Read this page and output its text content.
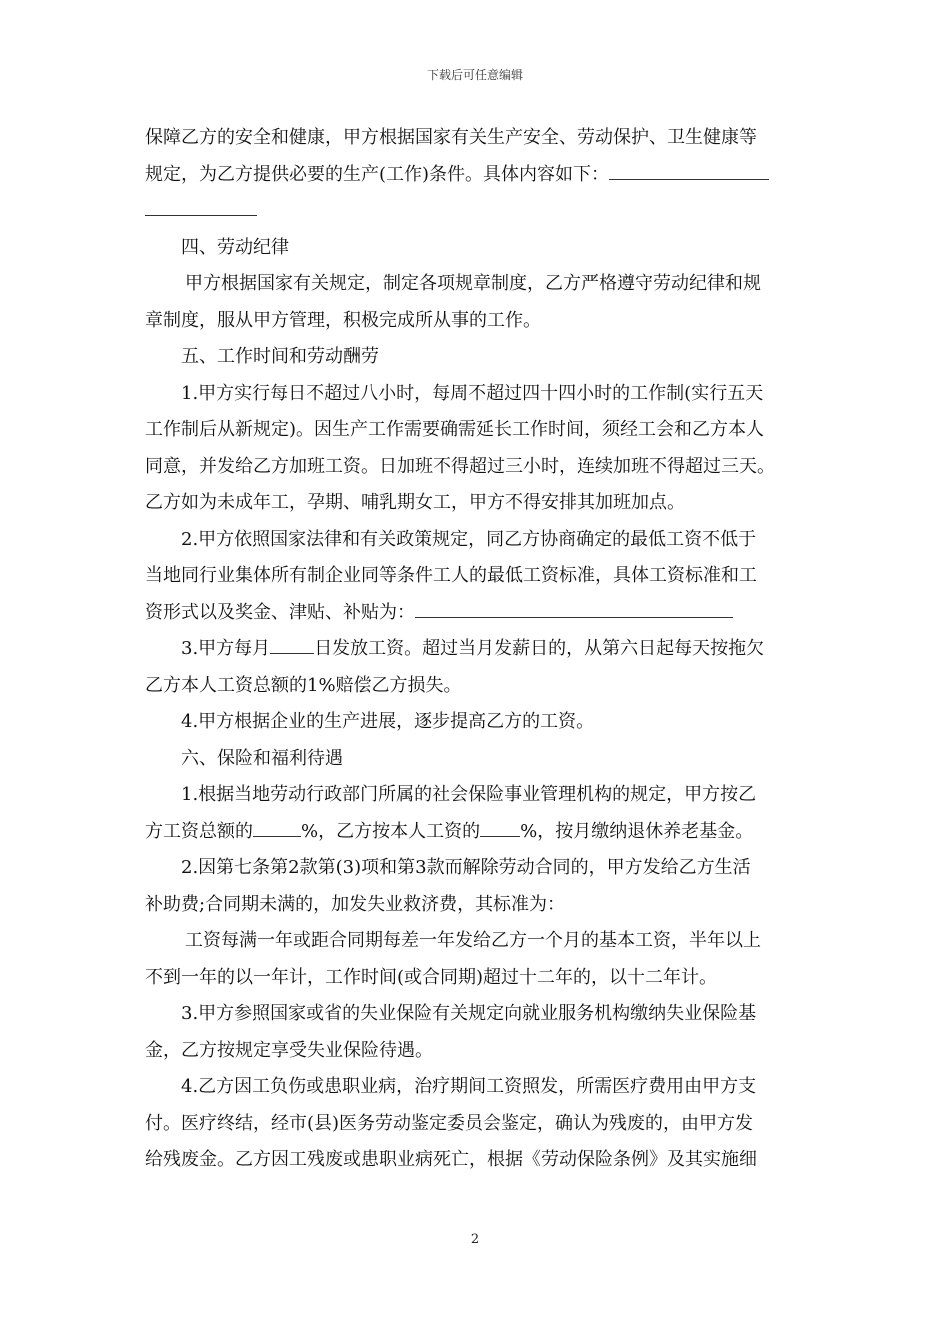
下载后可任意编辑

保障乙方的安全和健康，甲方根据国家有关生产安全、劳动保护、卫生健康等

规定，为乙方提供必要的生产(工作)条件。具体内容如下：

四、劳动纪律

甲方根据国家有关规定，制定各项规章制度，乙方严格遵守劳动纪律和规

章制度，服从甲方管理，积极完成所从事的工作。

五、工作时间和劳动酬劳

1.甲方实行每日不超过八小时，每周不超过四十四小时的工作制(实行五天

工作制后从新规定)。因生产工作需要确需延长工作时间，须经工会和乙方本人

同意，并发给乙方加班工资。日加班不得超过三小时，连续加班不得超过三天。

乙方如为未成年工，孕期、哺乳期女工，甲方不得安排其加班加点。

2.甲方依照国家法律和有关政策规定，同乙方协商确定的最低工资不低于

当地同行业集体所有制企业同等条件工人的最低工资标准，具体工资标准和工

资形式以及奖金、津贴、补贴为：

3.甲方每月 日发放工资。超过当月发薪日的，从第六日起每天按拖欠

乙方本人工资总额的1%赔偿乙方损失。

4.甲方根据企业的生产进展，逐步提高乙方的工资。

六、保险和福利待遇

1.根据当地劳动行政部门所属的社会保险事业管理机构的规定，甲方按乙

方工资总额的	%，乙方按本人工资的 %，按月缴纳退休养老基金。

2.因第七条第2款第(3)项和第3款而解除劳动合同的，甲方发给乙方生活

补助费;合同期未满的，加发失业救济费，其标准为：

工资每满一年或距合同期每差一年发给乙方一个月的基本工资，半年以上

不到一年的以一年计，工作时间(或合同期)超过十二年的，以十二年计。

3.甲方参照国家或省的失业保险有关规定向就业服务机构缴纳失业保险基

金，乙方按规定享受失业保险待遇。

4.乙方因工负伤或患职业病，治疗期间工资照发，所需医疗费用由甲方支

付。医疗终结，经市(县)医务劳动鉴定委员会鉴定，确认为残废的，由甲方发

给残废金。乙方因工残废或患职业病死亡，根据《劳动保险条例》及其实施细

2
